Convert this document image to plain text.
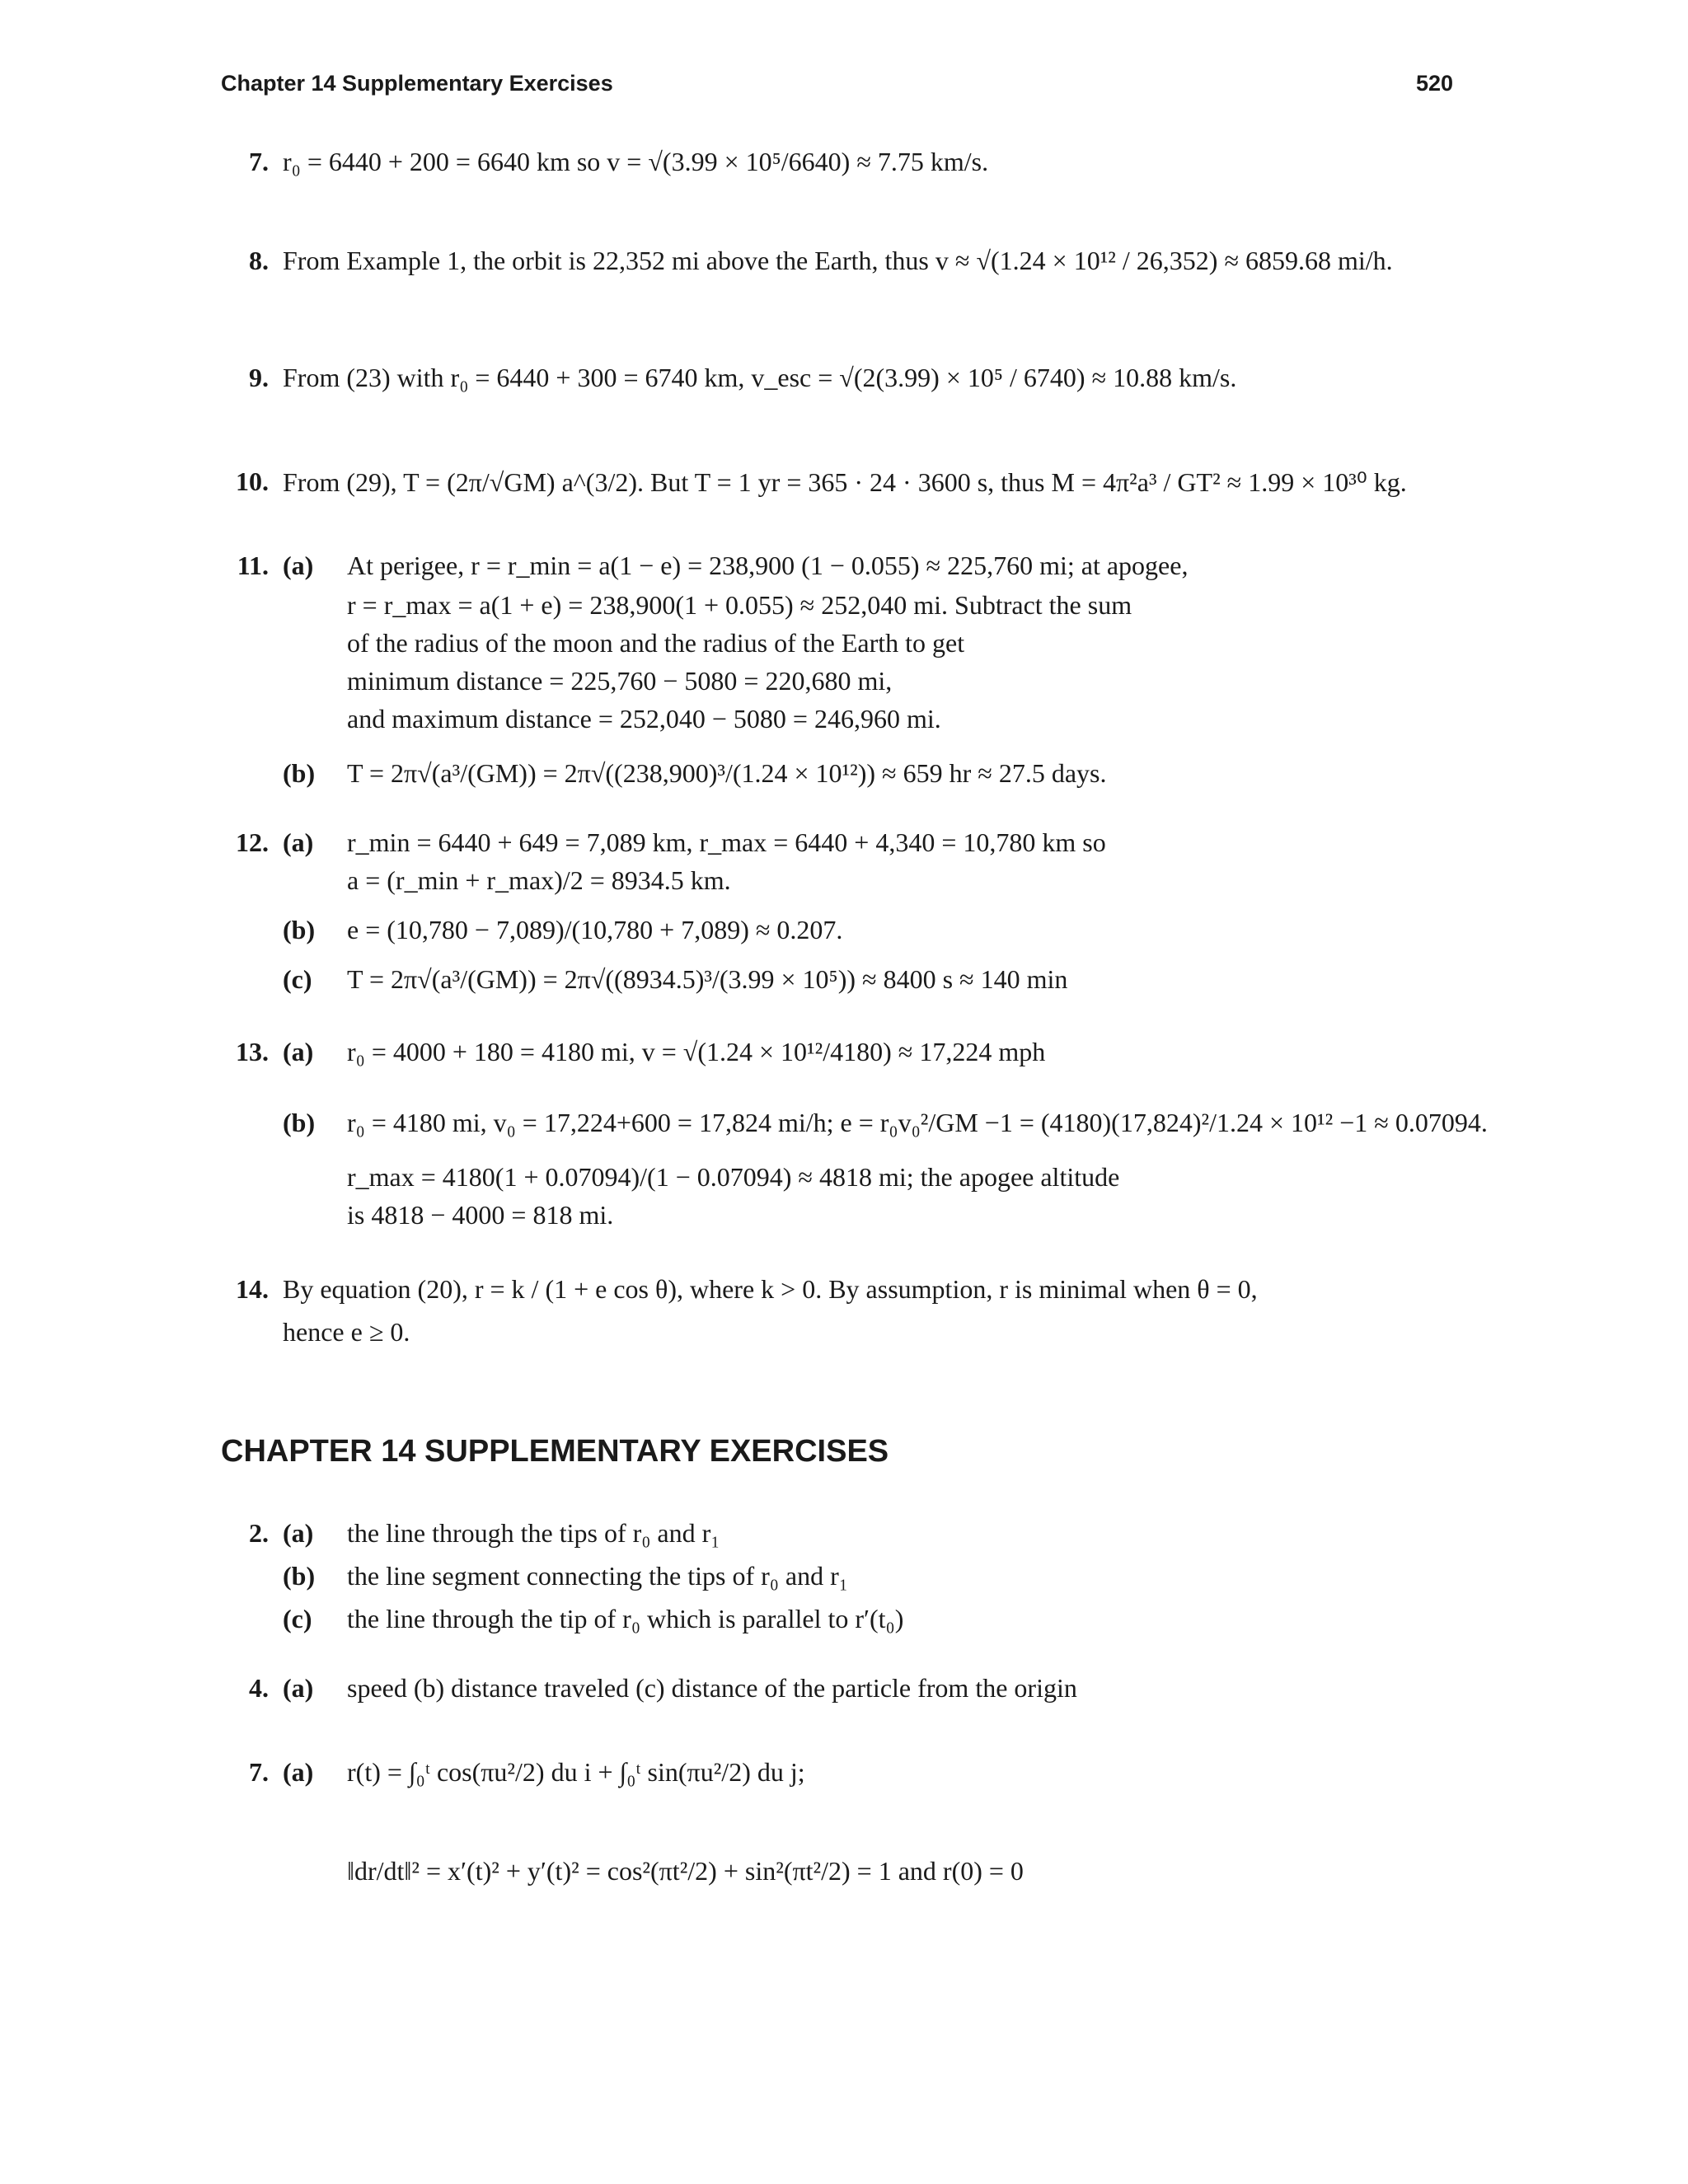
Chapter 14 Supplementary Exercises	520
CHAPTER 14 SUPPLEMENTARY EXERCISES
7. r₀ = 6440 + 200 = 6640 km so v = √(3.99 × 10⁵/6640) ≈ 7.75 km/s.
8. From Example 1, the orbit is 22,352 mi above the Earth, thus v ≈ √(1.24 × 10¹² / 26,352) ≈ 6859.68 mi/h.
9. From (23) with r₀ = 6440 + 300 = 6740 km, v_esc = √(2(3.99) × 10⁵ / 6740) ≈ 10.88 km/s.
10. From (29), T = (2π/√GM) a^(3/2). But T = 1 yr = 365 · 24 · 3600 s, thus M = 4π²a³ / GT² ≈ 1.99 × 10³⁰ kg.
11. (a) At perigee, r = r_min = a(1 − e) = 238,900 (1 − 0.055) ≈ 225,760 mi; at apogee,
r = r_max = a(1 + e) = 238,900(1 + 0.055) ≈ 252,040 mi. Subtract the sum
of the radius of the moon and the radius of the Earth to get
minimum distance = 225,760 − 5080 = 220,680 mi,
and maximum distance = 252,040 − 5080 = 246,960 mi.
(b) T = 2π√(a³/(GM)) = 2π√((238,900)³/(1.24 × 10¹²)) ≈ 659 hr ≈ 27.5 days.
12. (a) r_min = 6440 + 649 = 7,089 km, r_max = 6440 + 4,340 = 10,780 km so
a = (r_min + r_max)/2 = 8934.5 km.
(b) e = (10,780 − 7,089)/(10,780 + 7,089) ≈ 0.207.
(c) T = 2π√(a³/(GM)) = 2π√((8934.5)³/(3.99 × 10⁵)) ≈ 8400 s ≈ 140 min
13. (a) r₀ = 4000 + 180 = 4180 mi, v = √(1.24 × 10¹²/4180) ≈ 17,224 mph
(b) r₀ = 4180 mi, v₀ = 17,224+600 = 17,824 mi/h; e = r₀v₀²/GM −1 = (4180)(17,824)²/1.24 × 10¹² −1 ≈ 0.07094.
r_max = 4180(1 + 0.07094)/(1 − 0.07094) ≈ 4818 mi; the apogee altitude
is 4818 − 4000 = 818 mi.
14. By equation (20), r = k / (1 + e cos θ), where k > 0. By assumption, r is minimal when θ = 0,
hence e ≥ 0.
2. (a) the line through the tips of r₀ and r₁
(b) the line segment connecting the tips of r₀ and r₁
(c) the line through the tip of r₀ which is parallel to r′(t₀)
4. (a) speed (b) distance traveled (c) distance of the particle from the origin
7. (a) r(t) = ∫₀ᵗ cos(πu²/2) du i + ∫₀ᵗ sin(πu²/2) du j;
‖dr/dt‖² = x′(t)² + y′(t)² = cos²(πt²/2) + sin²(πt²/2) = 1 and r(0) = 0
